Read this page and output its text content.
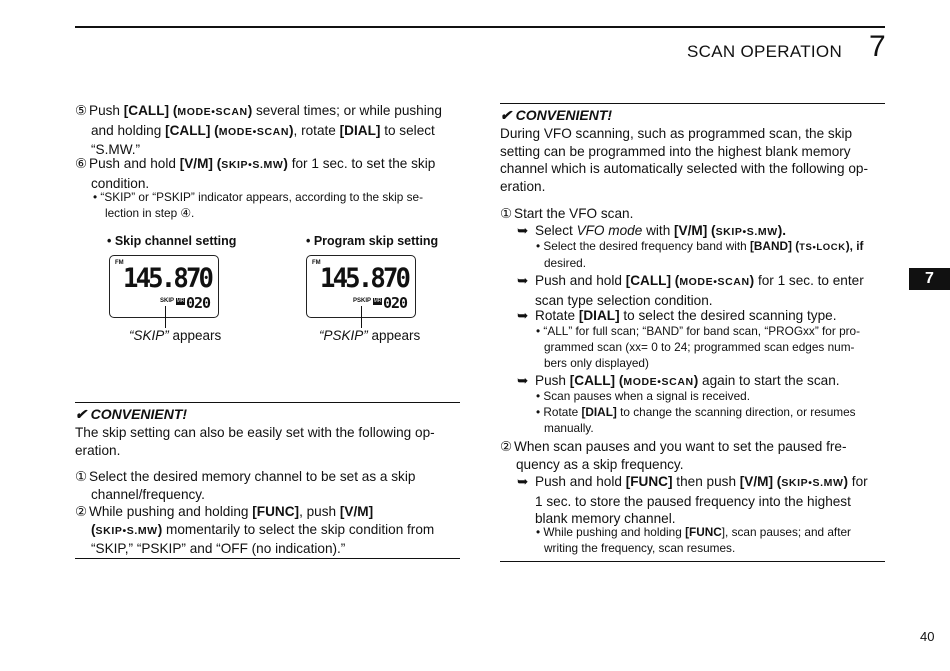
SCAN OPERATION 7
7
⑤ Push [CALL] (MODE•SCAN) several times; or while pushing
and holding [CALL] (MODE•SCAN), rotate [DIAL] to select
“S.MW.”
⑥ Push and hold [V/M] (SKIP•S.MW) for 1 sec. to set the skip
condition.
• “SKIP” or “PSKIP” indicator appears, according to the skip se-
lection in step ④.
• Skip channel setting
FM 145.870
SKIP MR 020
“SKIP” appears
• Program skip setting
FM 145.870
PSKIP MR 020
“PSKIP” appears
✔ CONVENIENT!
The skip setting can also be easily set with the following op-
eration.
① Select the desired memory channel to be set as a skip
channel/frequency.
② While pushing and holding [FUNC], push [V/M]
(SKIP•S.MW) momentarily to select the skip condition from
“SKIP,” “PSKIP” and “OFF (no indication).”
✔ CONVENIENT!
During VFO scanning, such as programmed scan, the skip
setting can be programmed into the highest blank memory
channel which is automatically selected with the following op-
eration.
① Start the VFO scan.
➥ Select VFO mode with [V/M] (SKIP•S.MW).
• Select the desired frequency band with [BAND] (TS•LOCK), if
desired.
➥ Push and hold [CALL] (MODE•SCAN) for 1 sec. to enter
scan type selection condition.
➥ Rotate [DIAL] to select the desired scanning type.
• “ALL” for full scan; “BAND” for band scan, “PROGxx” for pro-
grammed scan (xx= 0 to 24; programmed scan edges num-
bers only displayed)
➥ Push [CALL] (MODE•SCAN) again to start the scan.
• Scan pauses when a signal is received.
• Rotate [DIAL] to change the scanning direction, or resumes
manually.
② When scan pauses and you want to set the paused fre-
quency as a skip frequency.
➥ Push and hold [FUNC] then push [V/M] (SKIP•S.MW) for
1 sec. to store the paused frequency into the highest
blank memory channel.
• While pushing and holding [FUNC], scan pauses; and after
writing the frequency, scan resumes.
40
